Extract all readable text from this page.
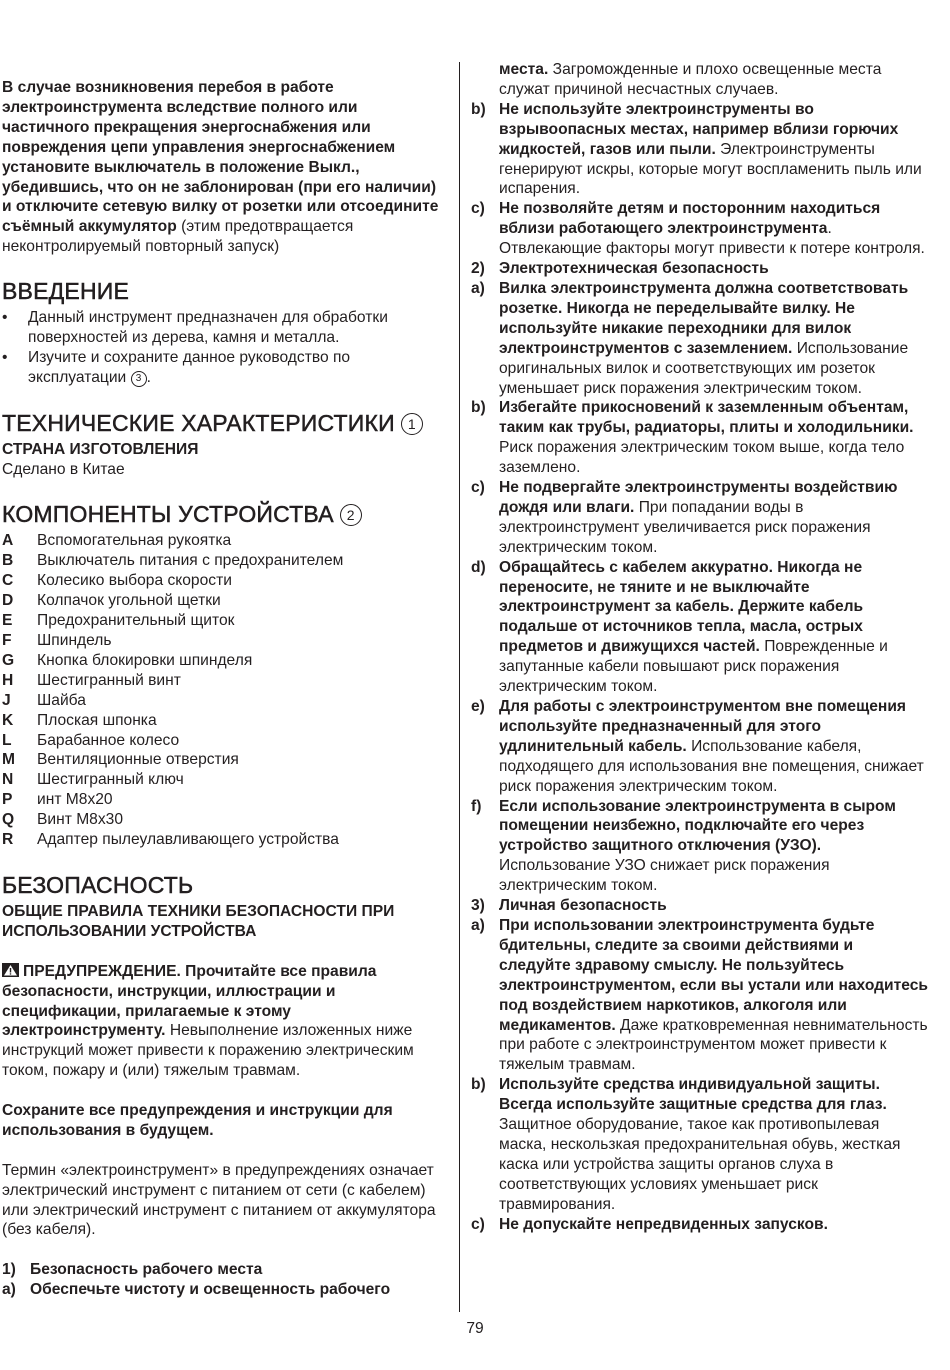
В случае возникновения перебоя в работе электроинструмента вследствие полного или частичного прекращения энергоснабжения или повреждения цепи управления энергоснабжением установите выключатель в положение Выкл., убедившись, что он не заблонирован (при его наличии) и отключите сетевую вилку от розетки или отсоедините съёмный аккумулятор (этим предотвращается неконтролируемый повторный запуск)

ВВЕДЕНИЕ
• Данный инструмент предназначен для обработки поверхностей из дерева, камня и металла.
• Изучите и сохраните данное руководство по эксплуатации 3 .
ТЕХНИЧЕСКИЕ ХАРАКТЕРИСТИКИ 1

СТРАНА ИЗГОТОВЛЕНИЯ

Сделано в Китае

КОМПОНЕНТЫ УСТРОЙСТВА 2
A Вспомогательная рукоятка
B Выключатель питания с предохранителем
C Колесико выбора скорости
D Колпачок угольной щетки
E Предохранительный щиток
F Шпиндель
G Кнопка блокировки шпинделя
H Шестигранный винт
J Шайба
K Плоская шпонка
L Барабанное колесо
M Вентиляционные отверстия
N Шестигранный ключ
P инт M8x20
Q Винт M8x30
R Адаптер пылеулавливающего устройства
БЕЗОПАСНОСТЬ

ОБЩИЕ ПРАВИЛА ТЕХНИКИ БЕЗОПАСНОСТИ ПРИ ИСПОЛЬЗОВАНИИ УСТРОЙСТВА

ПРЕДУПРЕЖДЕНИЕ. Прочитайте все правила безопасности, инструкции, иллюстрации и спецификации, прилагаемые к этому электроинструменту. Невыполнение изложенных ниже инструкций может привести к поражению электрическим током, пожару и (или) тяжелым травмам.

Сохраните все предупреждения и инструкции для использования в будущем.

Термин «электроинструмент» в предупреждениях означает электрический инструмент с питанием от сети (с кабелем) или электрический инструмент с питанием от аккумулятора (без кабеля).

1) Безопасность рабочего места
a) Обеспечьте чистоту и освещенность рабочего
места. Загроможденные и плохо освещенные места служат причиной несчастных случаев.
b) Не используйте электроинструменты во взрывоопасных местах, например вблизи горючих жидкостей, газов или пыли. Электроинструменты генерируют искры, которые могут воспламенить пыль или испарения.
c) Не позволяйте детям и посторонним находиться вблизи работающего электроинструмента. Отвлекающие факторы могут привести к потере контроля.
2) Электротехническая безопасность
a) Вилка электроинструмента должна соответствовать розетке. Никогда не переделывайте вилку. Не используйте никакие переходники для вилок электроинструментов с заземлением. Использование оригинальных вилок и соответствующих им розеток уменьшает риск поражения электрическим током.
b) Избегайте прикосновений к заземленным объентам, таким как трубы, радиаторы, плиты и холодильники. Риск поражения электрическим током выше, когда тело заземлено.
c) Не подвергайте электроинструменты воздействию дождя или влаги. При попадании воды в электроинструмент увеличивается риск поражения электрическим током.
d) Обращайтесь с кабелем аккуратно. Никогда не переносите, не тяните и не выключайте электроинструмент за кабель. Держите кабель подальше от источников тепла, масла, острых предметов и движущихся частей. Поврежденные и запутанные кабели повышают риск поражения электрическим током.
e) Для работы с электроинструментом вне помещения используйте предназначенный для этого удлинительный кабель. Использование кабеля, подходящего для использования вне помещения, снижает риск поражения электрическим током.
f) Если использование электроинструмента в сыром помещении неизбежно, подключайте его через устройство защитного отключения (УЗО). Использование УЗО снижает риск поражения электрическим током.
3) Личная безопасность
a) При использовании электроинструмента будьте бдительны, следите за своими действиями и следуйте здравому смыслу. Не пользуйтесь электроинструментом, если вы устали или находитесь под воздействием наркотиков, алкоголя или медикаментов. Даже кратковременная невнимательность при работе с электроинструментом может привести к тяжелым травмам.
b) Используйте средства индивидуальной защиты. Всегда используйте защитные средства для глаз. Защитное оборудование, такое как противопылевая маска, нескользкая предохранительная обувь, жесткая каска или устройства защиты органов слуха в соответствующих условиях уменьшает риск травмирования.
c) Не допускайте непредвиденных запусков.
79
